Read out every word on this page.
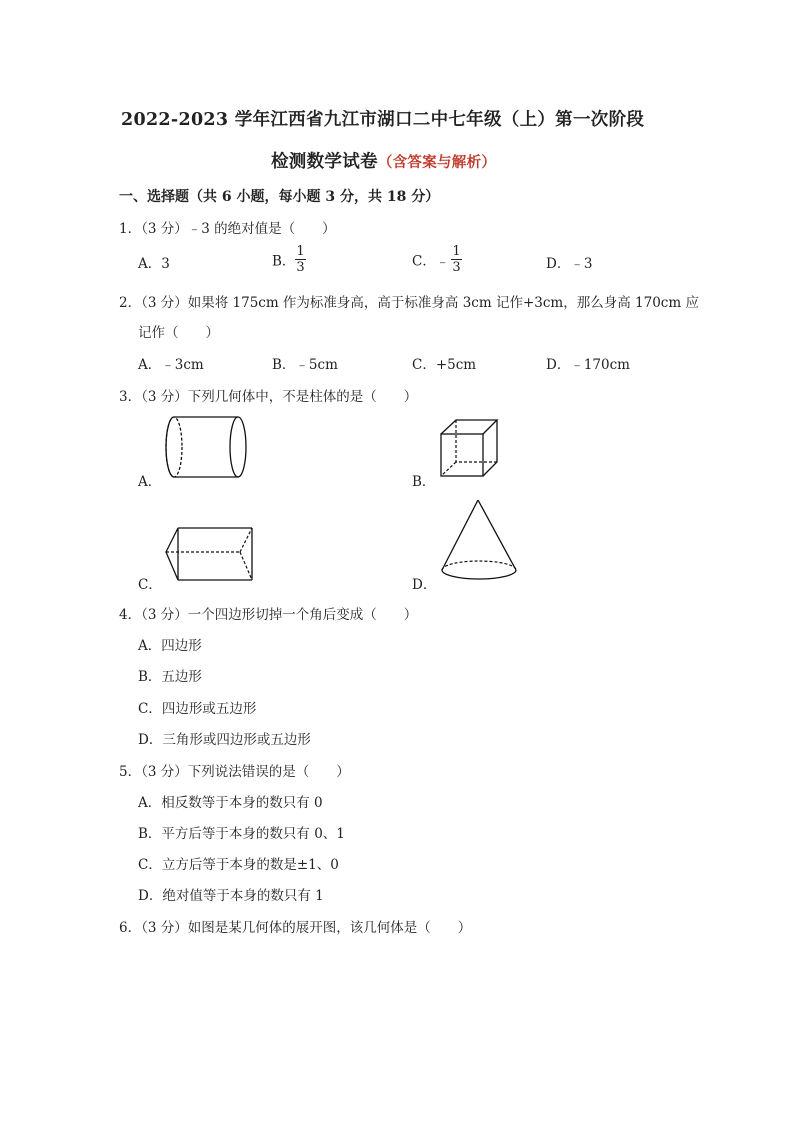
2022-2023 学年江西省九江市湖口二中七年级（上）第一次阶段
检测数学试卷（含答案与解析）
一、选择题（共 6 小题，每小题 3 分，共 18 分）
1．（3 分）﹣3 的绝对值是（　　）
A．3	B． $\frac{1}{3}$	C．﹣ $\frac{1}{3}$	D．﹣3
2．（3 分）如果将 175cm 作为标准身高，高于标准身高 3cm 记作+3cm，那么身高 170cm 应
记作（　　）
A．﹣3cm	B．﹣5cm	C．+5cm	D．﹣170cm
3．（3 分）下列几何体中，不是柱体的是（　　）
A．	B．
C．	D．
4．（3 分）一个四边形切掉一个角后变成（　　）
A．四边形
B．五边形
C．四边形或五边形
D．三角形或四边形或五边形
5．（3 分）下列说法错误的是（　　）
A．相反数等于本身的数只有 0
B．平方后等于本身的数只有 0、1
C．立方后等于本身的数是±1、0
D．绝对值等于本身的数只有 1
6．（3 分）如图是某几何体的展开图，该几何体是（　　）
